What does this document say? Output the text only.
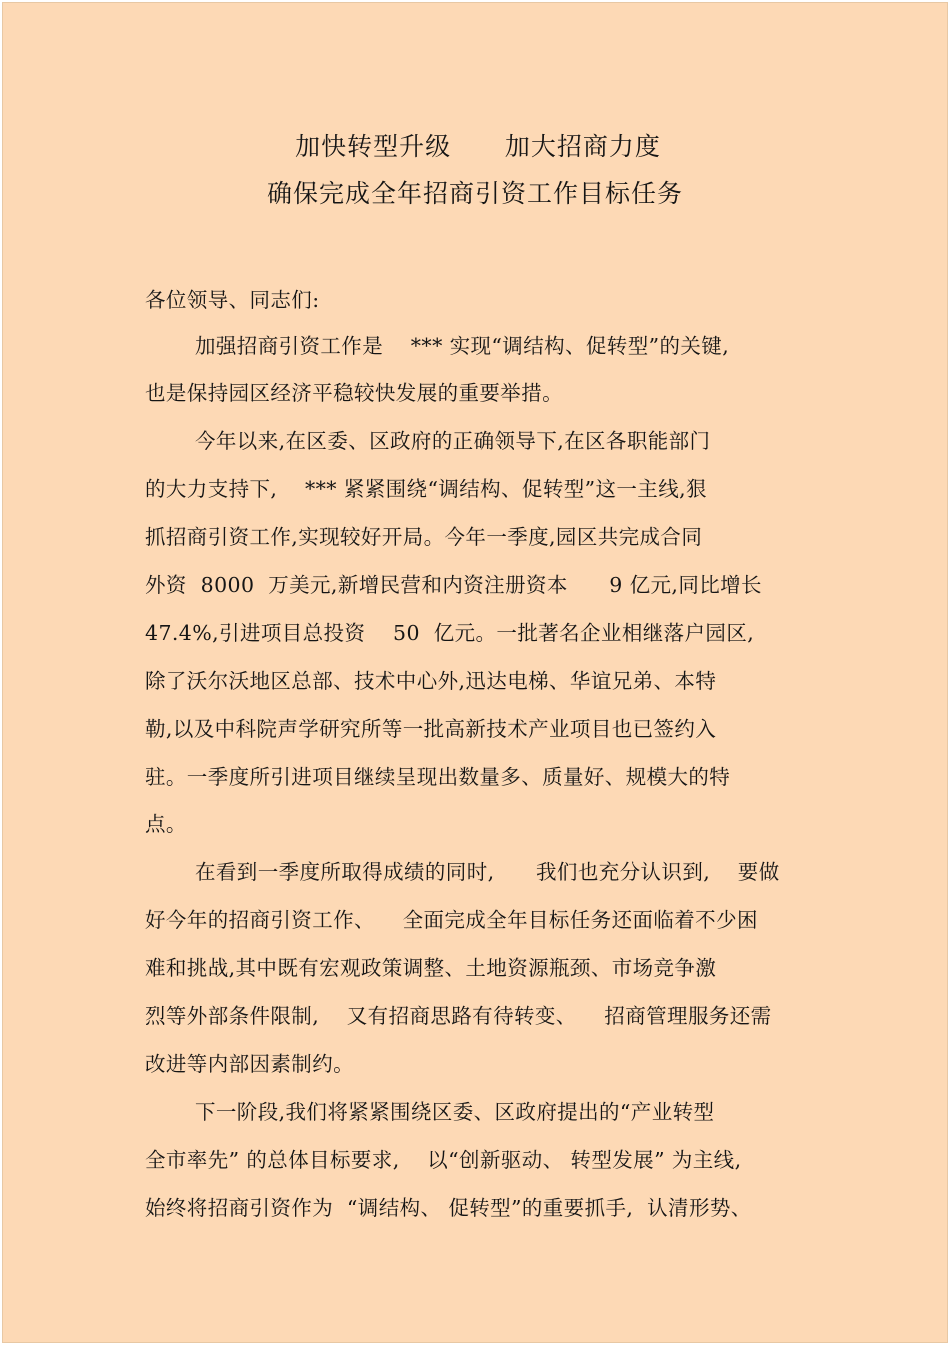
加快转型升级      加大招商力度
确保完成全年招商引资工作目标任务
各位领导、同志们:
加强招商引资工作是    *** 实现“调结构、促转型”的关键,
也是保持园区经济平稳较快发展的重要举措。
今年以来,在区委、区政府的正确领导下,在区各职能部门
的大力支持下,    *** 紧紧围绕“调结构、促转型”这一主线,狠
抓招商引资工作,实现较好开局。今年一季度,园区共完成合同
外资  8000  万美元,新增民营和内资注册资本      9 亿元,同比增长
47.4%,引进项目总投资    50  亿元。一批著名企业相继落户园区,
除了沃尔沃地区总部、技术中心外,迅达电梯、华谊兄弟、本特
勒,以及中科院声学研究所等一批高新技术产业项目也已签约入
驻。一季度所引进项目继续呈现出数量多、质量好、规模大的特
点。
在看到一季度所取得成绩的同时,      我们也充分认识到,    要做
好今年的招商引资工作、    全面完成全年目标任务还面临着不少困
难和挑战,其中既有宏观政策调整、土地资源瓶颈、市场竞争激
烈等外部条件限制,    又有招商思路有待转变、    招商管理服务还需
改进等内部因素制约。
下一阶段,我们将紧紧围绕区委、区政府提出的“产业转型
全市率先” 的总体目标要求,    以“创新驱动、 转型发展” 为主线,
始终将招商引资作为  “调结构、 促转型”的重要抓手,  认清形势、
